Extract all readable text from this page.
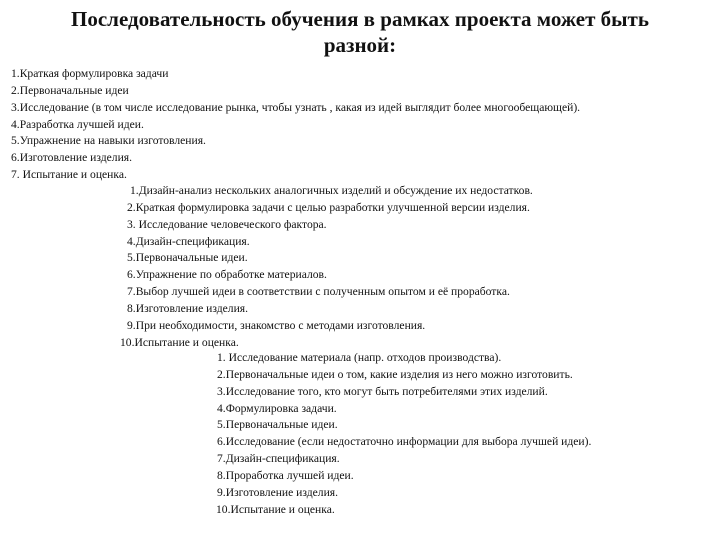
Последовательность обучения в рамках проекта может быть
разной:
1.Краткая формулировка задачи
2.Первоначальные идеи
3.Исследование (в том числе исследование рынка, чтобы узнать , какая из идей выглядит более многообещающей).
4.Разработка лучшей идеи.
5.Упражнение на навыки изготовления.
6.Изготовление изделия.
7. Испытание и оценка.
1.Дизайн-анализ нескольких аналогичных изделий и обсуждение их недостатков.
2.Краткая формулировка задачи с целью разработки улучшенной версии изделия.
3. Исследование человеческого фактора.
4.Дизайн-спецификация.
5.Первоначальные идеи.
6.Упражнение по обработке материалов.
7.Выбор лучшей идеи в соответствии с полученным опытом и её проработка.
8.Изготовление изделия.
9.При необходимости, знакомство с методами изготовления.
10.Испытание и оценка.
1. Исследование материала (напр. отходов производства).
2.Первоначальные идеи о том, какие изделия из него можно изготовить.
3.Исследование того, кто могут быть потребителями этих изделий.
4.Формулировка задачи.
5.Первоначальные идеи.
6.Исследование (если недостаточно информации для выбора лучшей идеи).
7.Дизайн-спецификация.
8.Проработка лучшей идеи.
9.Изготовление изделия.
10.Испытание и оценка.
